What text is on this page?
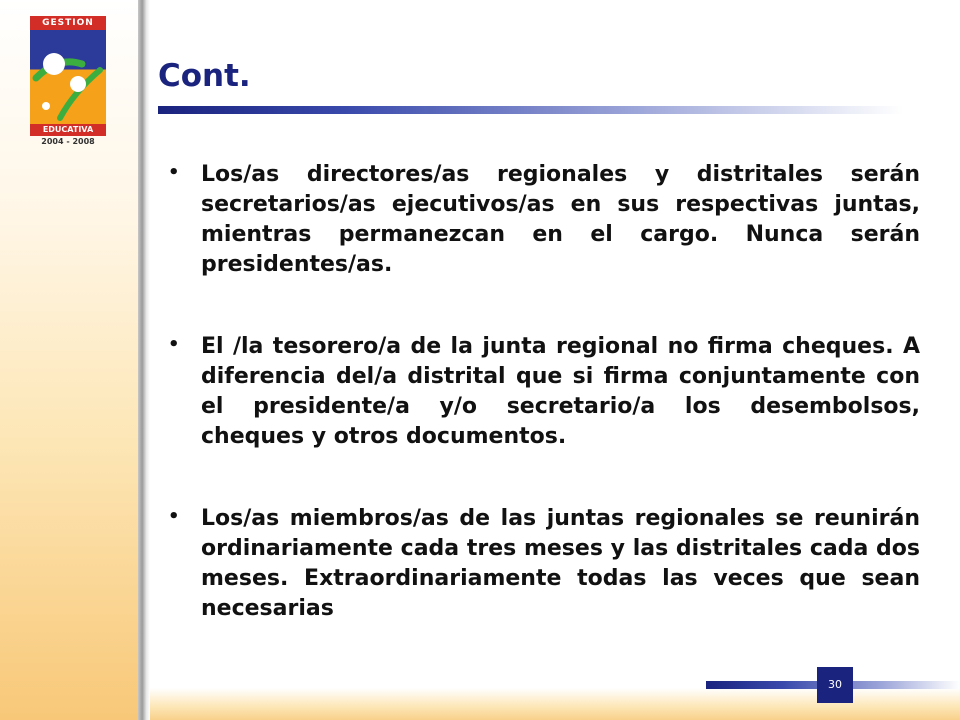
GESTION
EDUCATIVA
2004 - 2008
Cont.
• Los/as directores/as regionales y distritales serán secretarios/as ejecutivos/as en sus respectivas juntas, mientras permanezcan en el cargo. Nunca serán presidentes/as.
• El /la tesorero/a de la junta regional no firma cheques. A diferencia del/a distrital que si firma conjuntamente con el presidente/a y/o secretario/a los desembolsos, cheques y otros documentos.
• Los/as miembros/as de las juntas regionales se reunirán ordinariamente cada tres meses y las distritales cada dos meses. Extraordinariamente todas las veces que sean necesarias
30
